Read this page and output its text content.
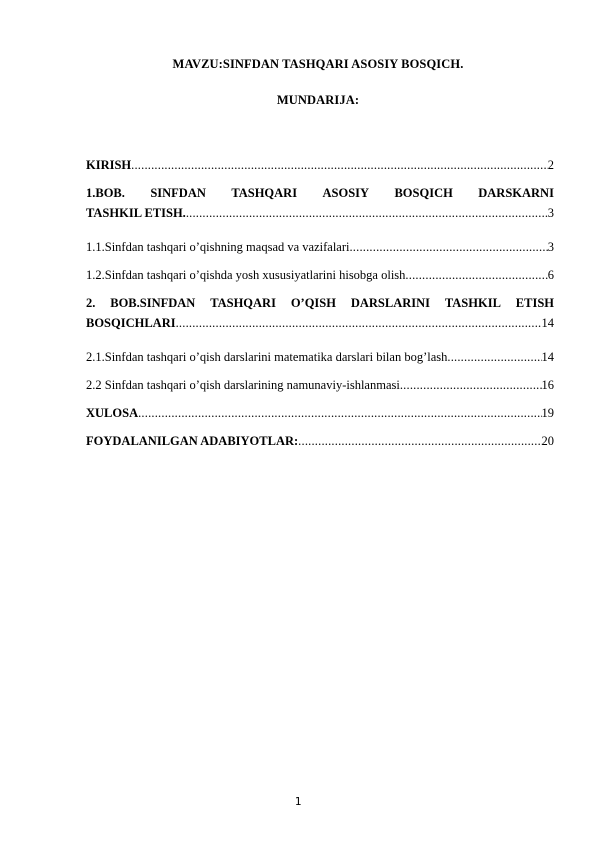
MAVZU:SINFDAN TASHQARI ASOSIY BOSQICH.
MUNDARIJA:
KIRISH .....	2
1.BOB. SINFDAN TASHQARI ASOSIY BOSQICH DARSKARNI
TASHKIL ETISH. .....	3
1.1.Sinfdan tashqari o’qishning maqsad va vazifalari .....	3
1.2.Sinfdan tashqari o’qishda yosh xususiyatlarini hisobga olish .....	6
2. BOB.SINFDAN TASHQARI O’QISH DARSLARINI TASHKIL ETISH
BOSQICHLARI .....	14
2.1.Sinfdan tashqari o’qish darslarini matematika darslari bilan bog’lash .....	14
2.2 Sinfdan tashqari o’qish darslarining namunaviy-ishlanmasi .....	16
XULOSA .....	19
FOYDALANILGAN ADABIYOTLAR: .....	20
1
